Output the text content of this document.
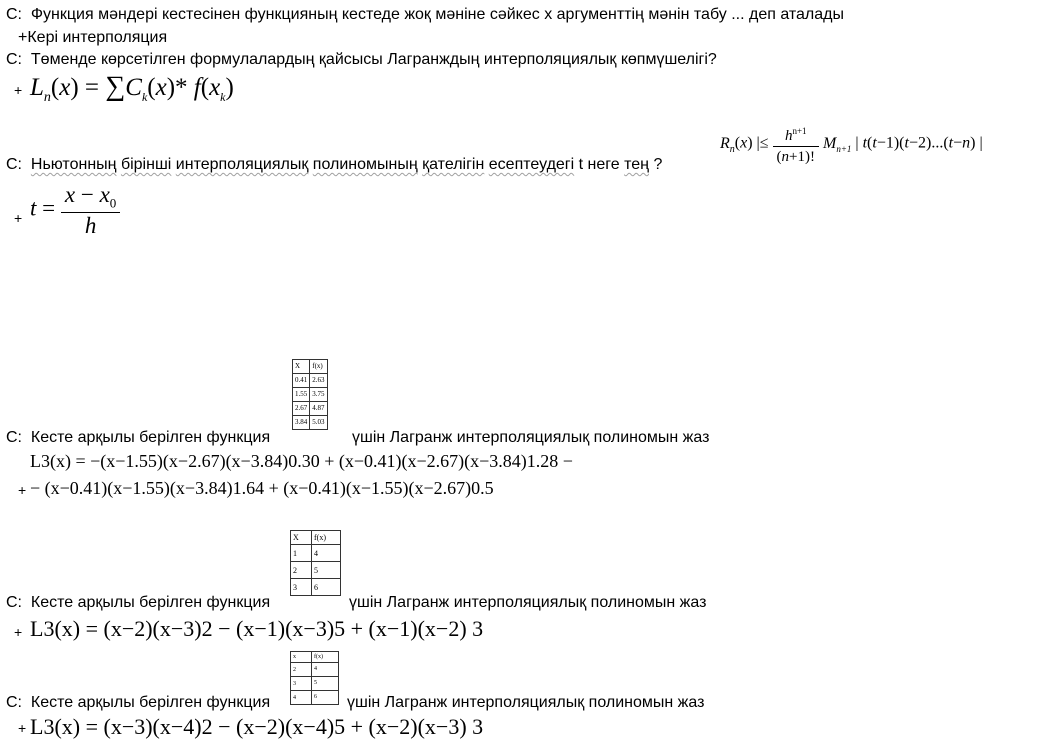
С: Функция мәндері кестесінен функцияның кестеде жоқ мәніне сәйкес х аргументтің мәнін табу ... деп аталады
+Кері интерполяция
С: Төменде көрсетілген формулалардың қайсысы Лагранждың интерполяциялық көпмүшелігі?
+ $L_n(x) = \sum C_k(x)*$ $f(x_k)$
$R_n(x)$ |≤ $\frac{h^{n+1}}{(n+1)!} M_{n+1}$ | t(t−1)(t−2)...(t−n) |
С: Ньютонның бірінші интерполяциялық полиномының қателігін есептеудегі t неге тең ?
+ $t = \frac{x - x_0}{h}$
X	f(x)
0.41	2.63
1.55	3.75
2.67	4.87
3.84	5.03
С: Кесте арқылы берілген функция	үшін Лагранж интерполяциялық полиномын жаз
+
L3(x) = −(x−1.55)(x−2.67)(x−3.84)0.30 + (x−0.41)(x−2.67)(x−3.84)1.28 −
− (x−0.41)(x−1.55)(x−3.84)1.64 + (x−0.41)(x−1.55)(x−2.67)0.5
X	f(x)
1	4
2	5
3	6
С: Кесте арқылы берілген функция	үшін Лагранж интерполяциялық полиномын жаз
+ L3(x) = (x−2)(x−3)2 − (x−1)(x−3)5 + (x−1)(x−2) 3
x	f(x)
2	4
3	5
4	6
С: Кесте арқылы берілген функция	үшін Лагранж интерполяциялық полиномын жаз
+ L3(x) = (x−3)(x−4)2 − (x−2)(x−4)5 + (x−2)(x−3) 3
